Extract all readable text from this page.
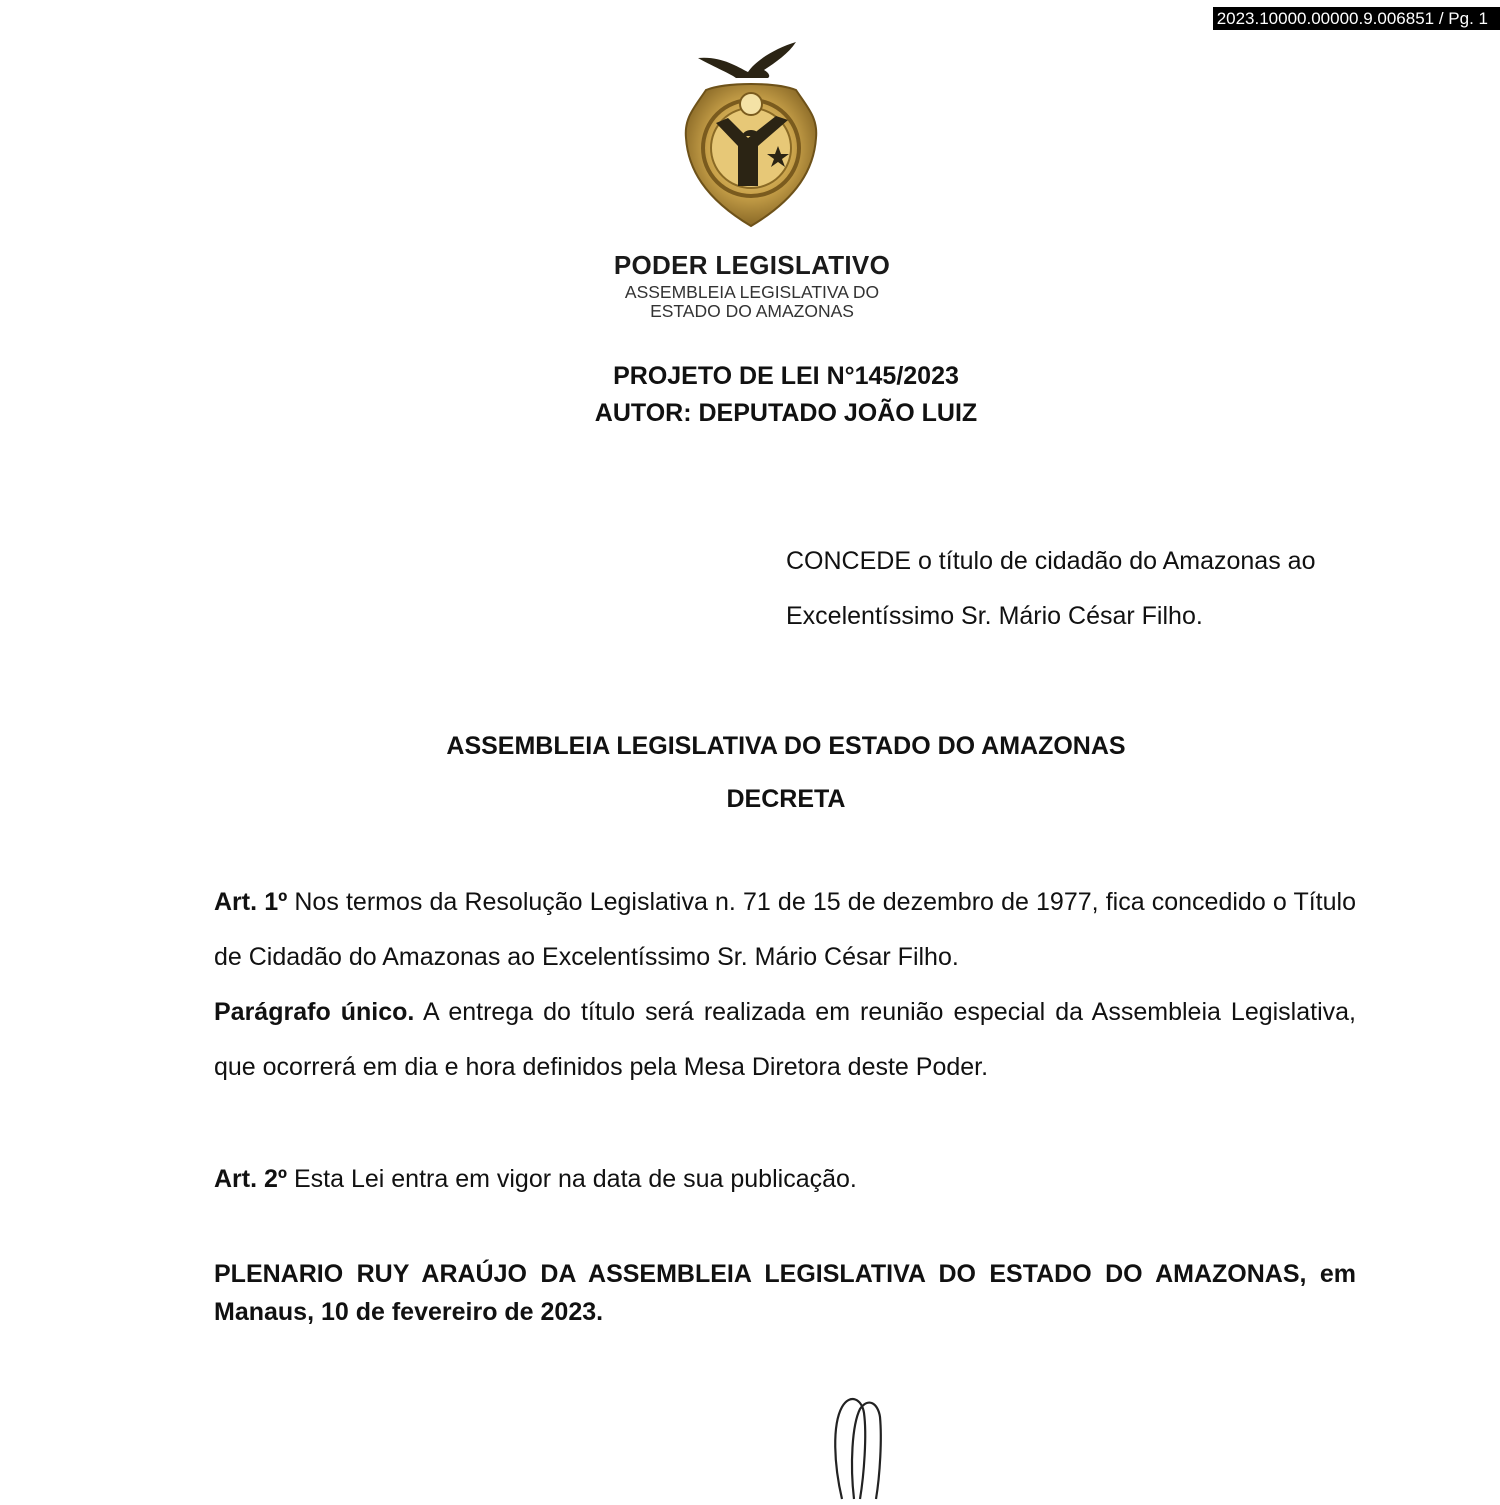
2023.10000.00000.9.006851 / Pg. 1
PODER LEGISLATIVO
ASSEMBLEIA LEGISLATIVA DO
ESTADO DO AMAZONAS
PROJETO DE LEI N°145/2023
AUTOR: DEPUTADO JOÃO LUIZ
CONCEDE o título de cidadão do Amazonas ao Excelentíssimo Sr. Mário César Filho.
ASSEMBLEIA LEGISLATIVA DO ESTADO DO AMAZONAS
DECRETA
Art. 1º Nos termos da Resolução Legislativa n. 71 de 15 de dezembro de 1977, fica concedido o Título de Cidadão do Amazonas ao Excelentíssimo Sr. Mário César Filho.
Parágrafo único. A entrega do título será realizada em reunião especial da Assembleia Legislativa, que ocorrerá em dia e hora definidos pela Mesa Diretora deste Poder.
Art. 2º Esta Lei entra em vigor na data de sua publicação.
PLENARIO RUY ARAÚJO DA ASSEMBLEIA LEGISLATIVA DO ESTADO DO AMAZONAS, em Manaus, 10 de fevereiro de 2023.
